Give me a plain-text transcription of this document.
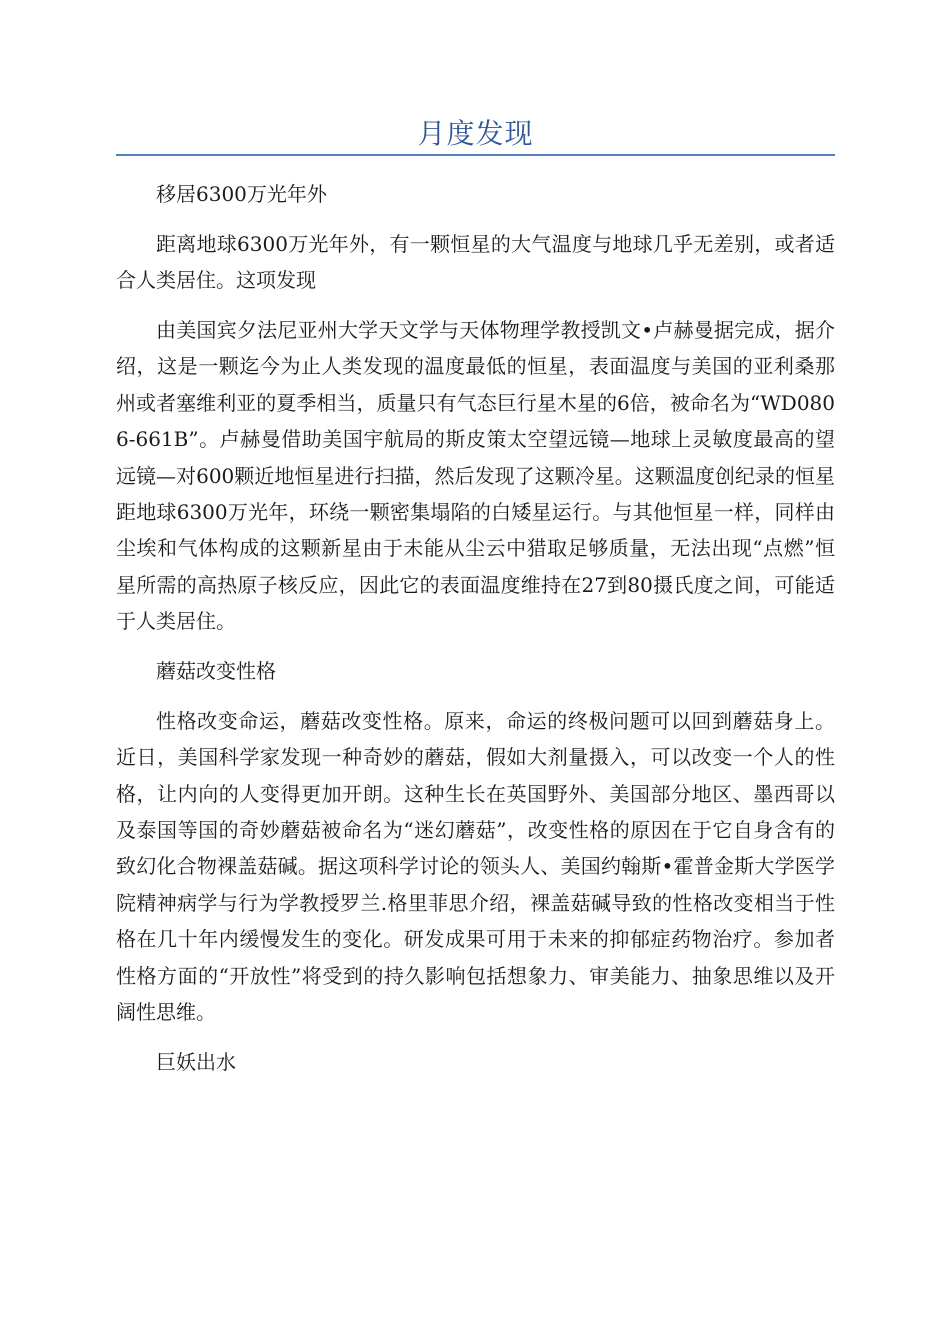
月度发现

移居6300万光年外

距离地球6300万光年外，有一颗恒星的大气温度与地球几乎无差别，或者适合人类居住。这项发现

由美国宾夕法尼亚州大学天文学与天体物理学教授凯文•卢赫曼据完成，据介绍，这是一颗迄今为止人类发现的温度最低的恒星，表面温度与美国的亚利桑那州或者塞维利亚的夏季相当，质量只有气态巨行星木星的6倍，被命名为“WD0806-661B”。卢赫曼借助美国宇航局的斯皮策太空望远镜—地球上灵敏度最高的望远镜—对600颗近地恒星进行扫描，然后发现了这颗冷星。这颗温度创纪录的恒星距地球6300万光年，环绕一颗密集塌陷的白矮星运行。与其他恒星一样，同样由尘埃和气体构成的这颗新星由于未能从尘云中猎取足够质量，无法出现“点燃”恒星所需的高热原子核反应，因此它的表面温度维持在27到80摄氏度之间，可能适于人类居住。

蘑菇改变性格

性格改变命运，蘑菇改变性格。原来，命运的终极问题可以回到蘑菇身上。近日，美国科学家发现一种奇妙的蘑菇，假如大剂量摄入，可以改变一个人的性格，让内向的人变得更加开朗。这种生长在英国野外、美国部分地区、墨西哥以及泰国等国的奇妙蘑菇被命名为“迷幻蘑菇”，改变性格的原因在于它自身含有的致幻化合物裸盖菇碱。据这项科学讨论的领头人、美国约翰斯•霍普金斯大学医学院精神病学与行为学教授罗兰.格里菲思介绍，裸盖菇碱导致的性格改变相当于性格在几十年内缓慢发生的变化。研发成果可用于未来的抑郁症药物治疗。参加者性格方面的“开放性”将受到的持久影响包括想象力、审美能力、抽象思维以及开阔性思维。

巨妖出水
